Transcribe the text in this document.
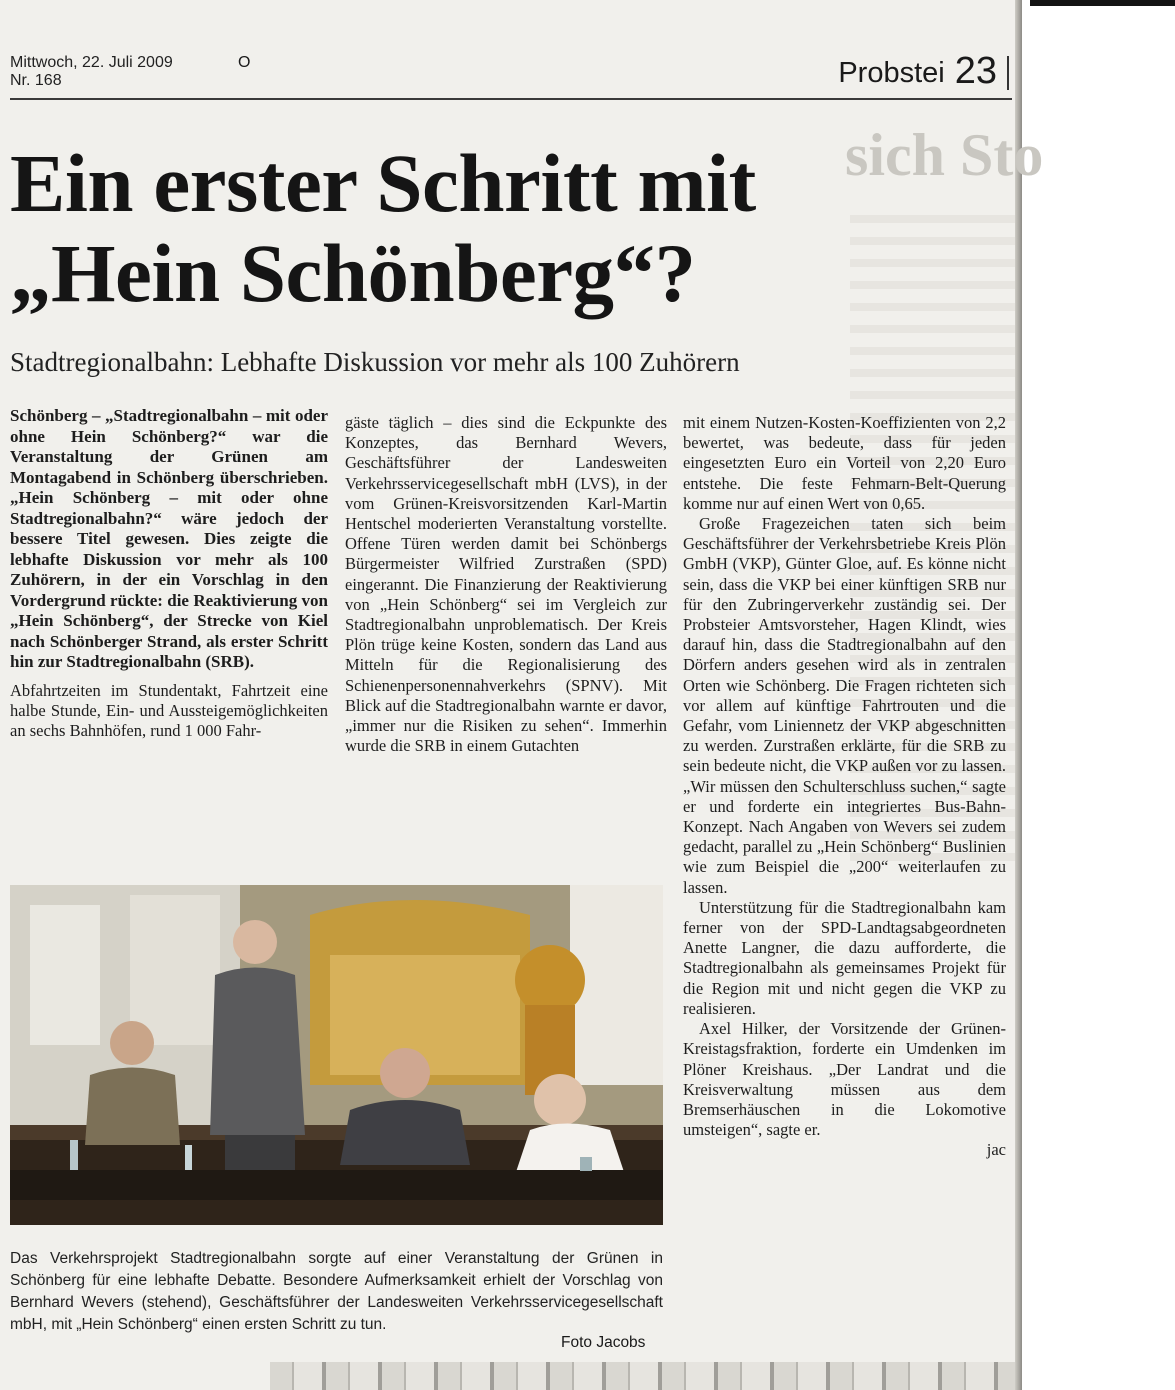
sich Sto
Mittwoch, 22. Juli 2009
Nr. 168
O	Probstei 23
Ein erster Schritt mit
„Hein Schönberg“?
Stadtregionalbahn: Lebhafte Diskussion vor mehr als 100 Zuhörern

Schönberg – „Stadtregionalbahn – mit oder ohne Hein Schönberg?“ war die Veranstaltung der Grünen am Montagabend in Schönberg überschrieben. „Hein Schönberg – mit oder ohne Stadtregionalbahn?“ wäre jedoch der bessere Titel gewesen. Dies zeigte die lebhafte Diskussion vor mehr als 100 Zuhörern, in der ein Vorschlag in den Vordergrund rückte: die Reaktivierung von „Hein Schönberg“, der Strecke von Kiel nach Schönberger Strand, als erster Schritt hin zur Stadtregionalbahn (SRB).

Abfahrtzeiten im Stundentakt, Fahrtzeit eine halbe Stunde, Ein- und Aussteigemöglichkeiten an sechs Bahnhöfen, rund 1 000 Fahr-

gäste täglich – dies sind die Eckpunkte des Konzeptes, das Bernhard Wevers, Geschäftsführer der Landesweiten Verkehrsservicegesellschaft mbH (LVS), in der vom Grünen-Kreisvorsitzenden Karl-Martin Hentschel moderierten Veranstaltung vorstellte. Offene Türen werden damit bei Schönbergs Bürgermeister Wilfried Zurstraßen (SPD) eingerannt. Die Finanzierung der Reaktivierung von „Hein Schönberg“ sei im Vergleich zur Stadtregionalbahn unproblematisch. Der Kreis Plön trüge keine Kosten, sondern das Land aus Mitteln für die Regionalisierung des Schienenpersonennahverkehrs (SPNV). Mit Blick auf die Stadtregionalbahn warnte er davor, „immer nur die Risiken zu sehen“. Immerhin wurde die SRB in einem Gutachten

mit einem Nutzen-Kosten-Koeffizienten von 2,2 bewertet, was bedeute, dass für jeden eingesetzten Euro ein Vorteil von 2,20 Euro entstehe. Die feste Fehmarn-Belt-Querung komme nur auf einen Wert von 0,65.

Große Fragezeichen taten sich beim Geschäftsführer der Verkehrsbetriebe Kreis Plön GmbH (VKP), Günter Gloe, auf. Es könne nicht sein, dass die VKP bei einer künftigen SRB nur für den Zubringerverkehr zuständig sei. Der Probsteier Amtsvorsteher, Hagen Klindt, wies darauf hin, dass die Stadtregionalbahn auf den Dörfern anders gesehen wird als in zentralen Orten wie Schönberg. Die Fragen richteten sich vor allem auf künftige Fahrtrouten und die Gefahr, vom Liniennetz der VKP abgeschnitten zu werden. Zurstraßen erklärte, für die SRB zu sein bedeute nicht, die VKP außen vor zu lassen. „Wir müssen den Schulterschluss suchen,“ sagte er und forderte ein integriertes Bus-Bahn-Konzept. Nach Angaben von Wevers sei zudem gedacht, parallel zu „Hein Schönberg“ Buslinien wie zum Beispiel die „200“ weiterlaufen zu lassen.

Unterstützung für die Stadtregionalbahn kam ferner von der SPD-Landtagsabgeordneten Anette Langner, die dazu aufforderte, die Stadtregionalbahn als gemeinsames Projekt für die Region mit und nicht gegen die VKP zu realisieren.

Axel Hilker, der Vorsitzende der Grünen-Kreistagsfraktion, forderte ein Umdenken im Plöner Kreishaus. „Der Landrat und die Kreisverwaltung müssen aus dem Bremserhäuschen in die Lokomotive umsteigen“, sagte er.

jac

Das Verkehrsprojekt Stadtregionalbahn sorgte auf einer Veranstaltung der Grünen in Schönberg für eine lebhafte Debatte. Besondere Aufmerksamkeit erhielt der Vorschlag von Bernhard Wevers (stehend), Geschäftsführer der Landesweiten Verkehrsservicegesellschaft mbH, mit „Hein Schönberg“ einen ersten Schritt zu tun.
Foto Jacobs
